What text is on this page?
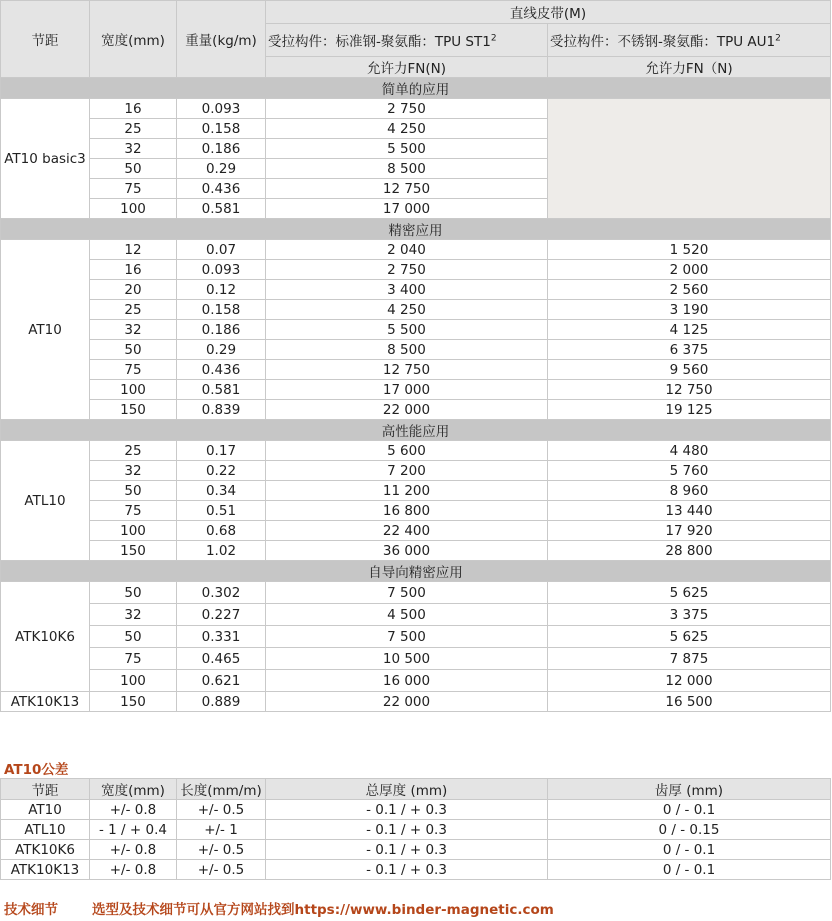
节距	宽度(mm)	重量(kg/m)	直线皮带(M)	
			受拉构件：标准钢-聚氨酯：TPU $ST1^2$	受拉构件：不锈钢-聚氨酯：TPU $AU1^2$
			允许力FN(N)	允许力FN（N)
简单的应用				
AT10 basic3	16	0.093	2 750	
	25	0.158	4 250	
	32	0.186	5 500	
	50	0.29	8 500	
	75	0.436	12 750	
	100	0.581	17 000	
精密应用				
AT10	12	0.07	2 040	1 520
	16	0.093	2 750	2 000
	20	0.12	3 400	2 560
	25	0.158	4 250	3 190
	32	0.186	5 500	4 125
	50	0.29	8 500	6 375
	75	0.436	12 750	9 560
	100	0.581	17 000	12 750
	150	0.839	22 000	19 125
高性能应用				
ATL10	25	0.17	5 600	4 480
	32	0.22	7 200	5 760
	50	0.34	11 200	8 960
	75	0.51	16 800	13 440
	100	0.68	22 400	17 920
	150	1.02	36 000	28 800
自导向精密应用				
ATK10K6	50	0.302	7 500	5 625
	32	0.227	4 500	3 375
	50	0.331	7 500	5 625
	75	0.465	10 500	7 875
	100	0.621	16 000	12 000
ATK10K13	150	0.889	22 000	16 500
AT10公差
节距	宽度(mm)	长度(mm/m)	总厚度 (mm)	齿厚 (mm)
AT10	+/- 0.8	+/- 0.5	- 0.1 / + 0.3	0 / - 0.1
ATL10	- 1 / + 0.4	+/- 1	- 0.1 / + 0.3	0 / - 0.15
ATK10K6	+/- 0.8	+/- 0.5	- 0.1 / + 0.3	0 / - 0.1
ATK10K13	+/- 0.8	+/- 0.5	- 0.1 / + 0.3	0 / - 0.1
技术细节	选型及技术细节可从官方网站找到https://www.binder-magnetic.com
